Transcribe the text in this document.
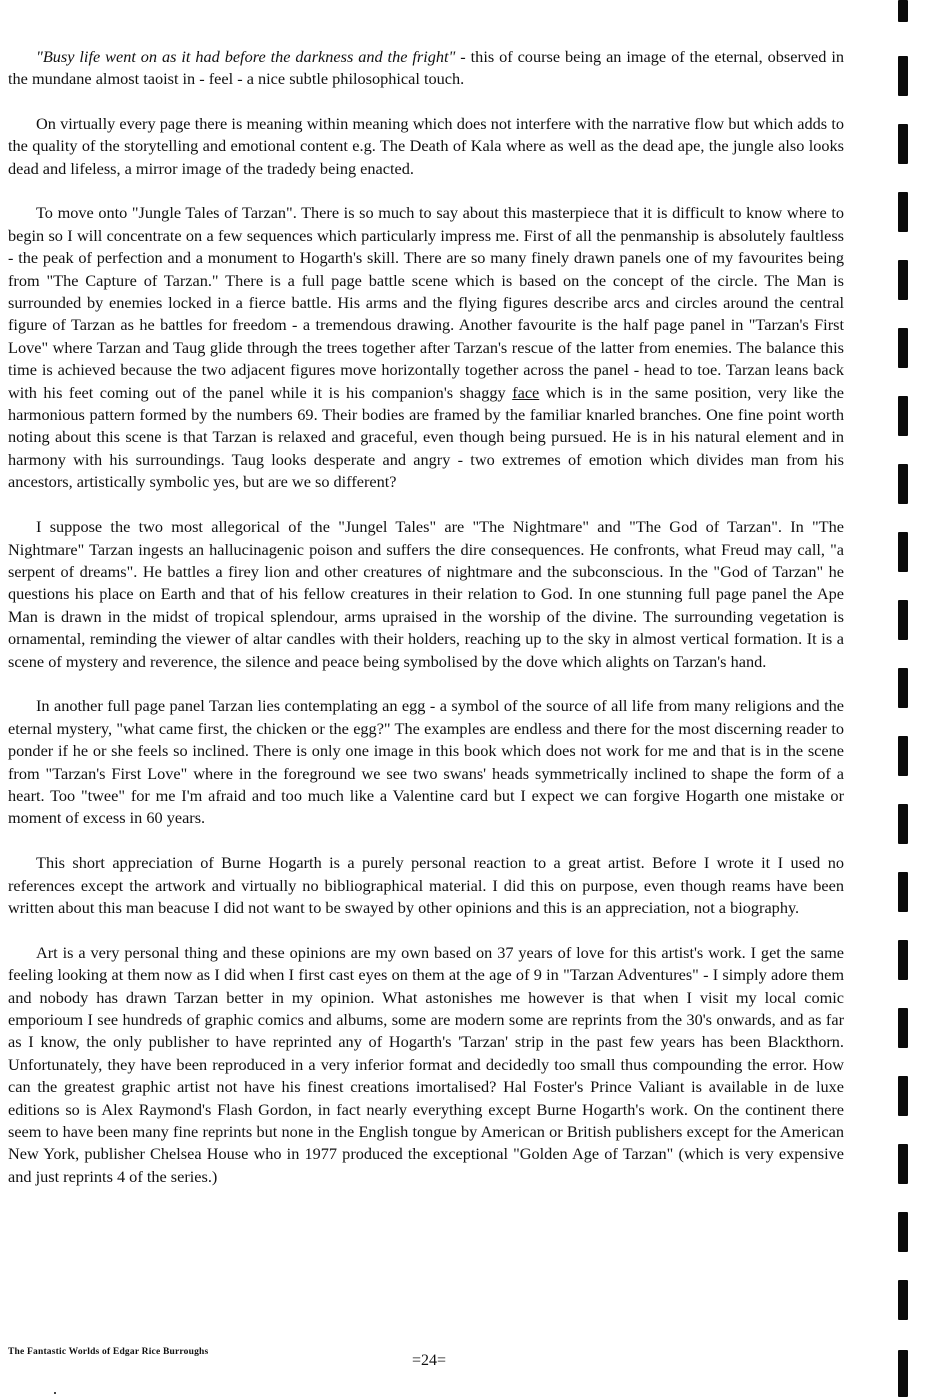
"Busy life went on as it had before the darkness and the fright" - this of course being an image of the eternal, observed in the mundane almost taoist in - feel - a nice subtle philosophical touch.

On virtually every page there is meaning within meaning which does not interfere with the narrative flow but which adds to the quality of the storytelling and emotional content e.g. The Death of Kala where as well as the dead ape, the jungle also looks dead and lifeless, a mirror image of the tradedy being enacted.

To move onto "Jungle Tales of Tarzan". There is so much to say about this masterpiece that it is difficult to know where to begin so I will concentrate on a few sequences which particularly impress me. First of all the penmanship is absolutely faultless - the peak of perfection and a monument to Hogarth's skill. There are so many finely drawn panels one of my favourites being from "The Capture of Tarzan." There is a full page battle scene which is based on the concept of the circle. The Man is surrounded by enemies locked in a fierce battle. His arms and the flying figures describe arcs and circles around the central figure of Tarzan as he battles for freedom - a tremendous drawing. Another favourite is the half page panel in "Tarzan's First Love" where Tarzan and Taug glide through the trees together after Tarzan's rescue of the latter from enemies. The balance this time is achieved because the two adjacent figures move horizontally together across the panel - head to toe. Tarzan leans back with his feet coming out of the panel while it is his companion's shaggy face which is in the same position, very like the harmonious pattern formed by the numbers 69. Their bodies are framed by the familiar knarled branches. One fine point worth noting about this scene is that Tarzan is relaxed and graceful, even though being pursued. He is in his natural element and in harmony with his surroundings. Taug looks desperate and angry - two extremes of emotion which divides man from his ancestors, artistically symbolic yes, but are we so different?

I suppose the two most allegorical of the "Jungel Tales" are "The Nightmare" and "The God of Tarzan". In "The Nightmare" Tarzan ingests an hallucinagenic poison and suffers the dire consequences. He confronts, what Freud may call, "a serpent of dreams". He battles a firey lion and other creatures of nightmare and the subconscious. In the "God of Tarzan" he questions his place on Earth and that of his fellow creatures in their relation to God. In one stunning full page panel the Ape Man is drawn in the midst of tropical splendour, arms upraised in the worship of the divine. The surrounding vegetation is ornamental, reminding the viewer of altar candles with their holders, reaching up to the sky in almost vertical formation. It is a scene of mystery and reverence, the silence and peace being symbolised by the dove which alights on Tarzan's hand.

In another full page panel Tarzan lies contemplating an egg - a symbol of the source of all life from many religions and the eternal mystery, "what came first, the chicken or the egg?" The examples are endless and there for the most discerning reader to ponder if he or she feels so inclined. There is only one image in this book which does not work for me and that is in the scene from "Tarzan's First Love" where in the foreground we see two swans' heads symmetrically inclined to shape the form of a heart. Too "twee" for me I'm afraid and too much like a Valentine card but I expect we can forgive Hogarth one mistake or moment of excess in 60 years.

This short appreciation of Burne Hogarth is a purely personal reaction to a great artist. Before I wrote it I used no references except the artwork and virtually no bibliographical material. I did this on purpose, even though reams have been written about this man beacuse I did not want to be swayed by other opinions and this is an appreciation, not a biography.

Art is a very personal thing and these opinions are my own based on 37 years of love for this artist's work. I get the same feeling looking at them now as I did when I first cast eyes on them at the age of 9 in "Tarzan Adventures" - I simply adore them and nobody has drawn Tarzan better in my opinion. What astonishes me however is that when I visit my local comic emporioum I see hundreds of graphic comics and albums, some are modern some are reprints from the 30's onwards, and as far as I know, the only publisher to have reprinted any of Hogarth's 'Tarzan' strip in the past few years has been Blackthorn. Unfortunately, they have been reproduced in a very inferior format and decidedly too small thus compounding the error. How can the greatest graphic artist not have his finest creations imortalised? Hal Foster's Prince Valiant is available in de luxe editions so is Alex Raymond's Flash Gordon, in fact nearly everything except Burne Hogarth's work. On the continent there seem to have been many fine reprints but none in the English tongue by American or British publishers except for the American New York, publisher Chelsea House who in 1977 produced the exceptional "Golden Age of Tarzan" (which is very expensive and just reprints 4 of the series.)

The Fantastic Worlds of Edgar Rice Burroughs	=24=
